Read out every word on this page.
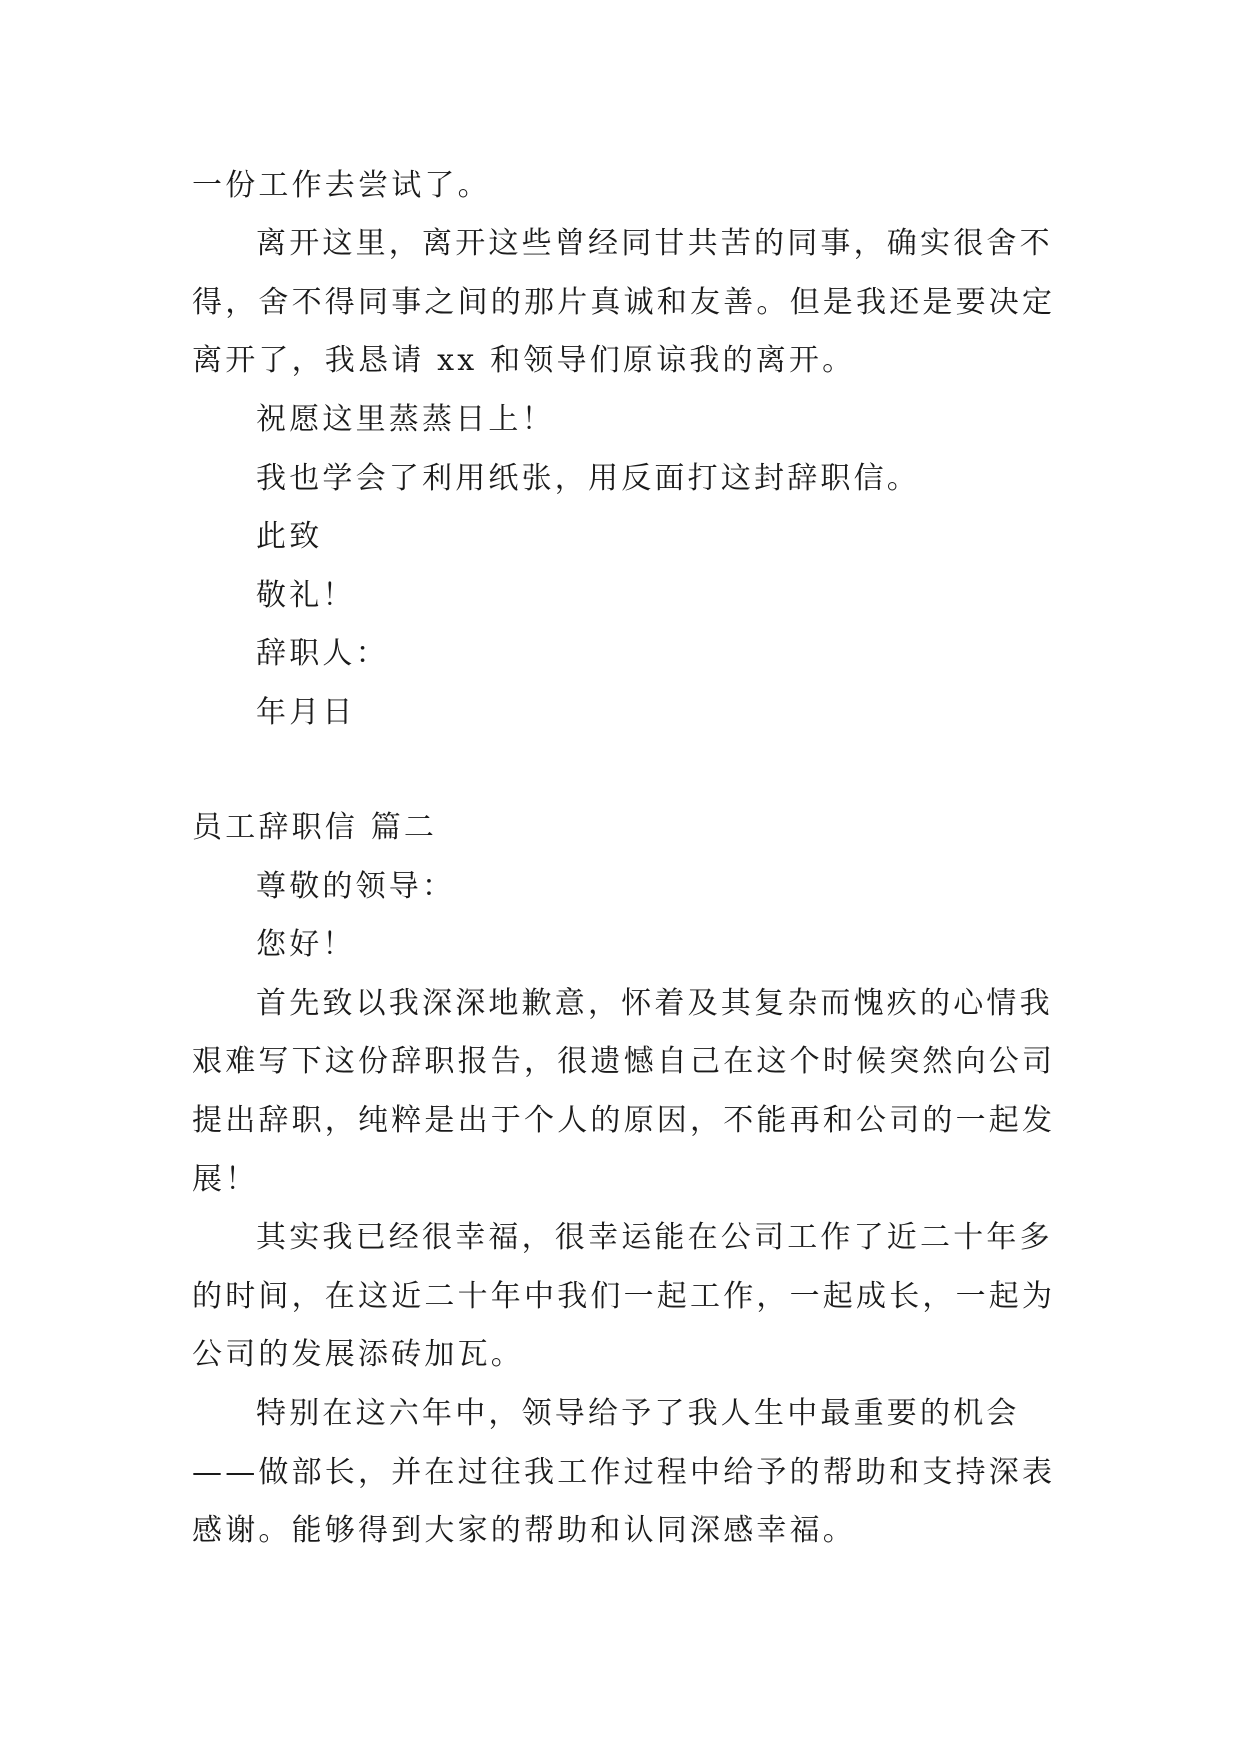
一份工作去尝试了。

离开这里，离开这些曾经同甘共苦的同事，确实很舍不

得，舍不得同事之间的那片真诚和友善。但是我还是要决定

离开了，我恳请 xx 和领导们原谅我的离开。

祝愿这里蒸蒸日上！

我也学会了利用纸张，用反面打这封辞职信。

此致

敬礼！

辞职人：

年月日

员工辞职信 篇二

尊敬的领导：

您好！

首先致以我深深地歉意，怀着及其复杂而愧疚的心情我

艰难写下这份辞职报告，很遗憾自己在这个时候突然向公司

提出辞职，纯粹是出于个人的原因，不能再和公司的一起发

展！

其实我已经很幸福，很幸运能在公司工作了近二十年多

的时间，在这近二十年中我们一起工作，一起成长，一起为

公司的发展添砖加瓦。

特别在这六年中，领导给予了我人生中最重要的机会

——做部长，并在过往我工作过程中给予的帮助和支持深表

感谢。能够得到大家的帮助和认同深感幸福。
